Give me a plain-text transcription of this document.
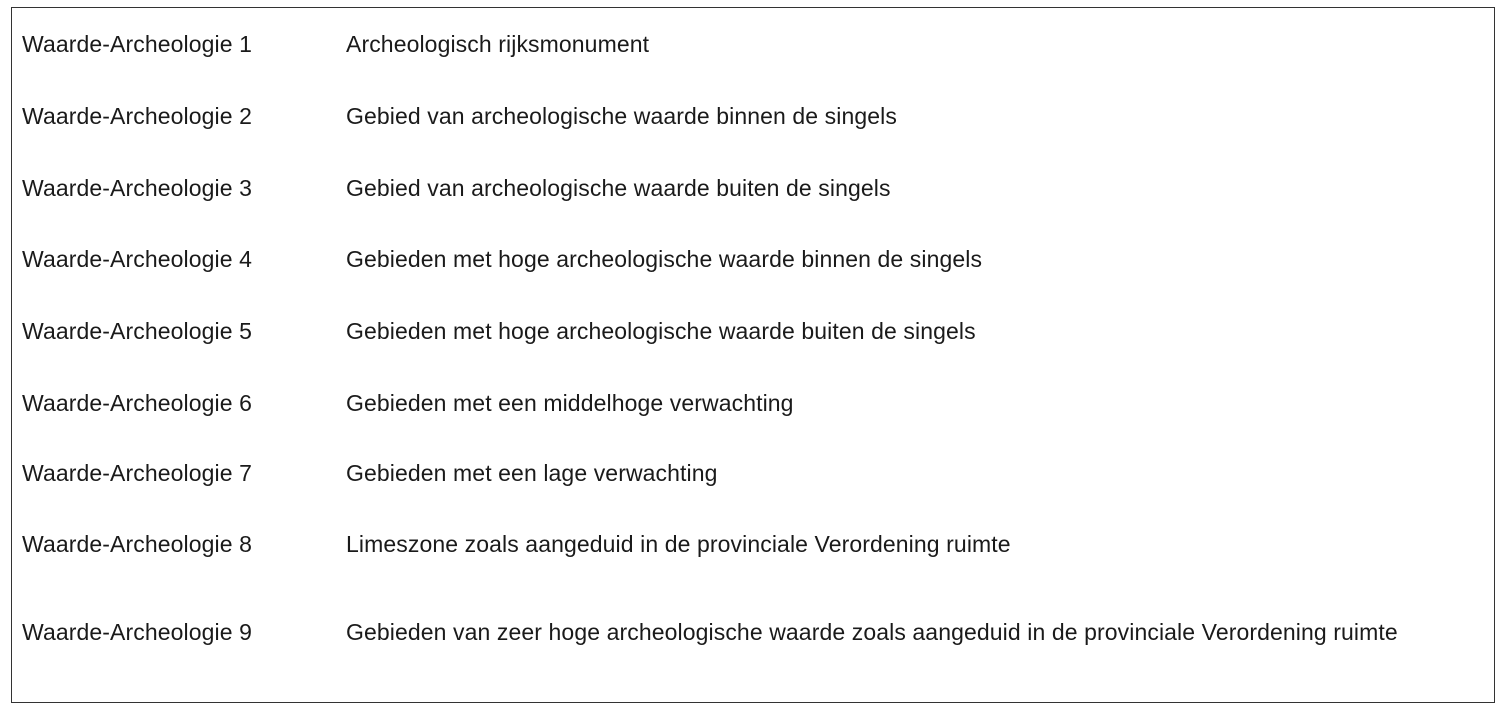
Waarde-Archeologie 1	Archeologisch rijksmonument
Waarde-Archeologie 2	Gebied van archeologische waarde binnen de singels
Waarde-Archeologie 3	Gebied van archeologische waarde buiten de singels
Waarde-Archeologie 4	Gebieden met hoge archeologische waarde binnen de singels
Waarde-Archeologie 5	Gebieden met hoge archeologische waarde buiten de singels
Waarde-Archeologie 6	Gebieden met een middelhoge verwachting
Waarde-Archeologie 7	Gebieden met een lage verwachting
Waarde-Archeologie 8	Limeszone zoals aangeduid in de provinciale Verordening ruimte
Waarde-Archeologie 9	Gebieden van zeer hoge archeologische waarde zoals aangeduid in de provinciale Verordening ruimte
